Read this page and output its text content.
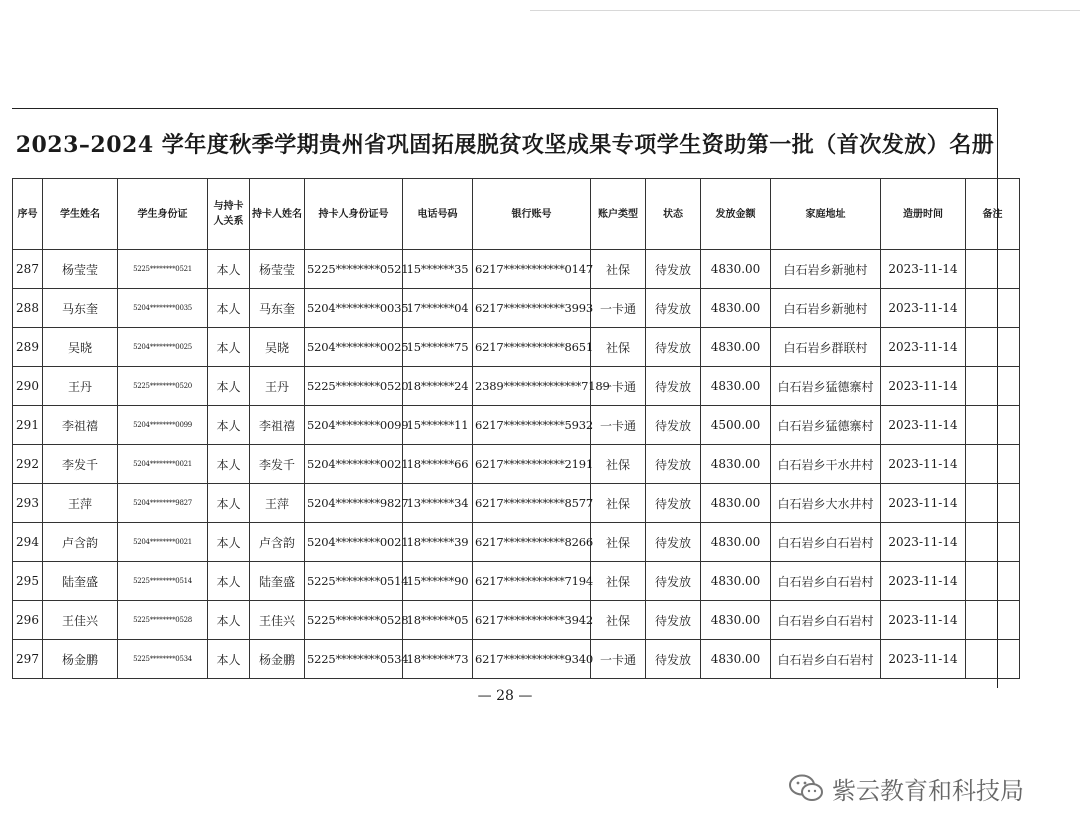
2023–2024 学年度秋季学期贵州省巩固拓展脱贫攻坚成果专项学生资助第一批（首次发放）名册
序号	学生姓名	学生身份证	与持卡人关系	持卡人姓名	持卡人身份证号	电话号码	银行账号	账户类型	状态	发放金额	家庭地址	造册时间	备注
287	杨莹莹	5225********0521	本人	杨莹莹	5225********0521	15******35	6217***********0147	社保	待发放	4830.00	白石岩乡新驰村	2023-11-14	
288	马东奎	5204********0035	本人	马东奎	5204********0035	17******04	6217***********3993	一卡通	待发放	4830.00	白石岩乡新驰村	2023-11-14	
289	吴晓	5204********0025	本人	吴晓	5204********0025	15******75	6217***********8651	社保	待发放	4830.00	白石岩乡群联村	2023-11-14	
290	王丹	5225********0520	本人	王丹	5225********0520	18******24	2389**************7189	一卡通	待发放	4830.00	白石岩乡猛德寨村	2023-11-14	
291	李祖禧	5204********0099	本人	李祖禧	5204********0099	15******11	6217***********5932	一卡通	待发放	4500.00	白石岩乡猛德寨村	2023-11-14	
292	李发千	5204********0021	本人	李发千	5204********0021	18******66	6217***********2191	社保	待发放	4830.00	白石岩乡干水井村	2023-11-14	
293	王萍	5204********9827	本人	王萍	5204********9827	13******34	6217***********8577	社保	待发放	4830.00	白石岩乡大水井村	2023-11-14	
294	卢含韵	5204********0021	本人	卢含韵	5204********0021	18******39	6217***********8266	社保	待发放	4830.00	白石岩乡白石岩村	2023-11-14	
295	陆奎盛	5225********0514	本人	陆奎盛	5225********0514	15******90	6217***********7194	社保	待发放	4830.00	白石岩乡白石岩村	2023-11-14	
296	王佳兴	5225********0528	本人	王佳兴	5225********0528	18******05	6217***********3942	社保	待发放	4830.00	白石岩乡白石岩村	2023-11-14	
297	杨金鹏	5225********0534	本人	杨金鹏	5225********0534	18******73	6217***********9340	一卡通	待发放	4830.00	白石岩乡白石岩村	2023-11-14	
— 28 —
紫云教育和科技局
